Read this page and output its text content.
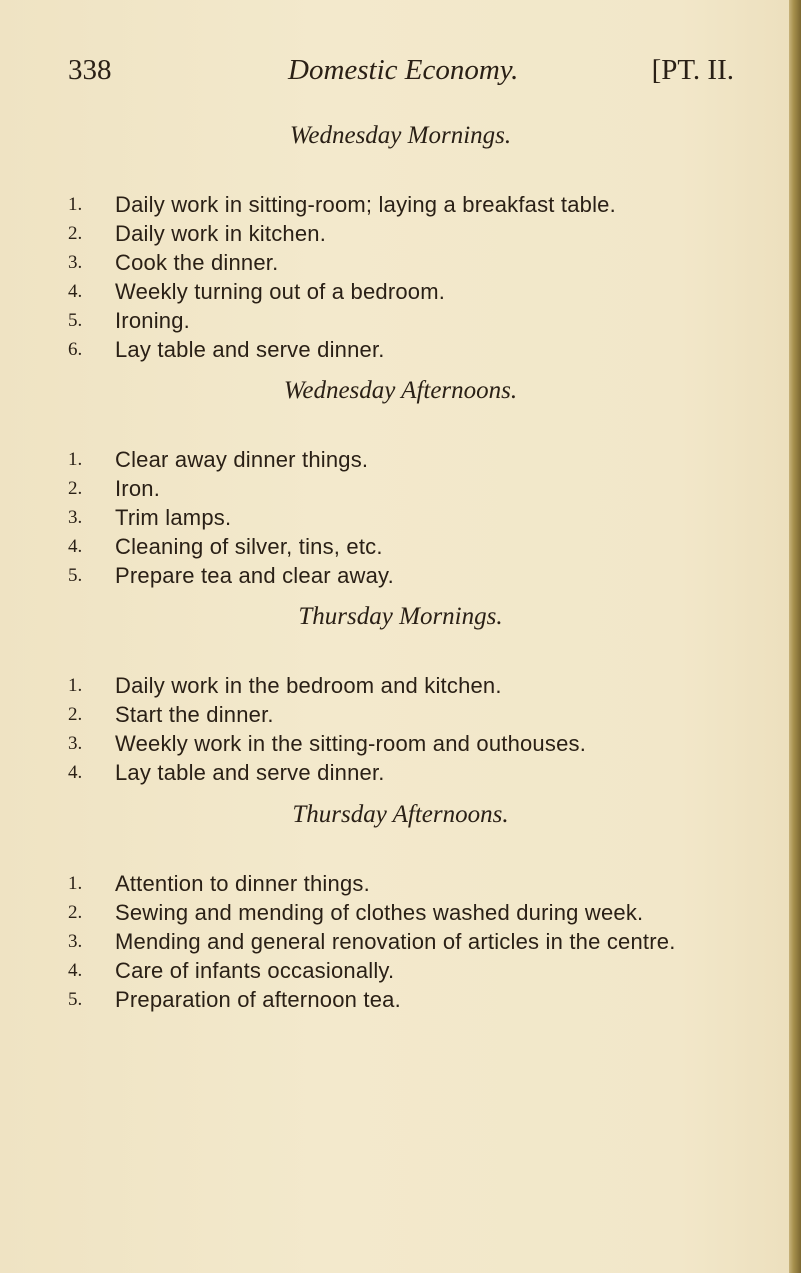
338	Domestic Economy.	[PT. II.
Wednesday Mornings.
1. Daily work in sitting-room; laying a breakfast table.
2. Daily work in kitchen.
3. Cook the dinner.
4. Weekly turning out of a bedroom.
5. Ironing.
6. Lay table and serve dinner.
Wednesday Afternoons.
1. Clear away dinner things.
2. Iron.
3. Trim lamps.
4. Cleaning of silver, tins, etc.
5. Prepare tea and clear away.
Thursday Mornings.
1. Daily work in the bedroom and kitchen.
2. Start the dinner.
3. Weekly work in the sitting-room and outhouses.
4. Lay table and serve dinner.
Thursday Afternoons.
1. Attention to dinner things.
2. Sewing and mending of clothes washed during week.
3. Mending and general renovation of articles in the centre.
4. Care of infants occasionally.
5. Preparation of afternoon tea.
